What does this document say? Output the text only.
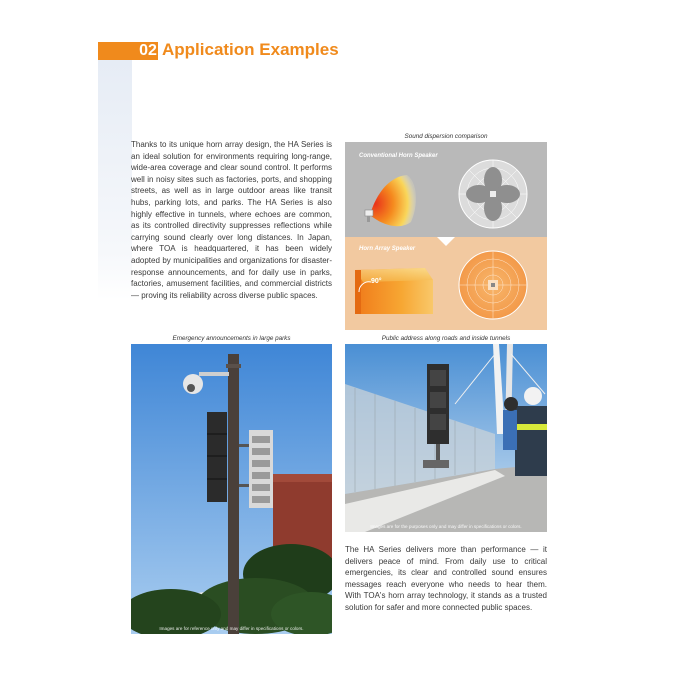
02 Application Examples

Thanks to its unique horn array design, the HA Series is an ideal solution for environments requiring long-range, wide-area coverage and clear sound control. It performs well in noisy sites such as factories, ports, and shopping streets, as well as in large outdoor areas like transit hubs, parking lots, and parks. The HA Series is also highly effective in tunnels, where echoes are common, as its controlled directivity suppresses reflections while carrying sound clearly over long distances. In Japan, where TOA is headquartered, it has been widely adopted by municipalities and organizations for disaster-response announcements, and for daily use in parks, factories, amusement facilities, and commercial districts — proving its reliability across diverse public spaces.

Sound dispersion comparison
Conventional Horn Speaker
Horn Array Speaker
90°
Emergency announcements in large parks	Public address along roads and inside tunnels
Images are for reference only and may differ in specifications or colors.
Images are for the purposes only and may differ in specifications or colors.

The HA Series delivers more than performance — it delivers peace of mind. From daily use to critical emergencies, its clear and controlled sound ensures messages reach everyone who needs to hear them. With TOA's horn array technology, it stands as a trusted solution for safer and more connected public spaces.
